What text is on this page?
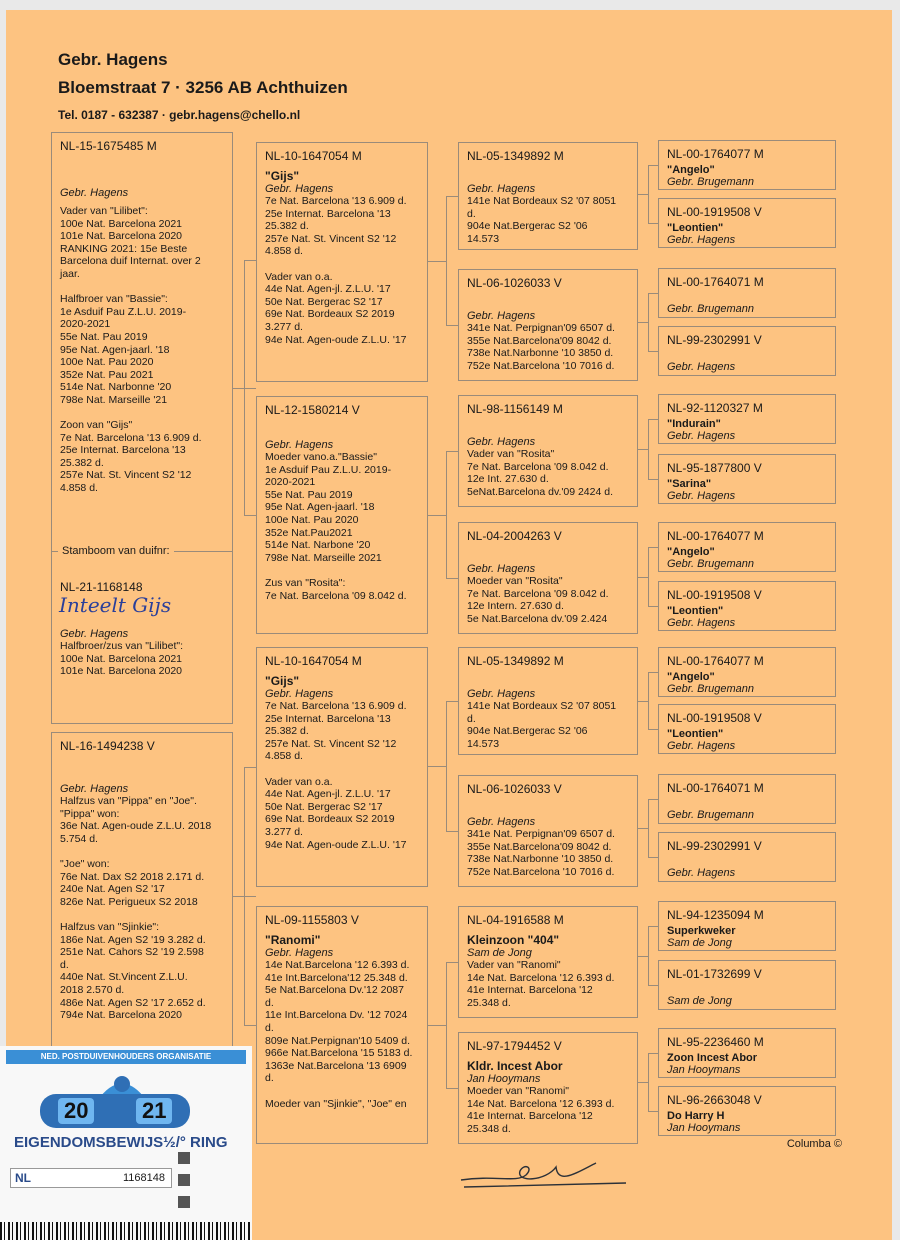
Gebr. Hagens
Bloemstraat 7 · 3256 AB Achthuizen
Tel. 0187 - 632387 · gebr.hagens@chello.nl
NL-15-1675485 M
Gebr. Hagens
Vader van "Lilibet":
100e Nat. Barcelona 2021
101e Nat. Barcelona 2020
RANKING 2021: 15e Beste
Barcelona duif Internat. over 2
jaar.
Halfbroer van "Bassie":
1e Asduif Pau Z.L.U. 2019-
2020-2021
55e Nat. Pau 2019
95e Nat. Agen-jaarl. '18
100e Nat. Pau 2020
352e Nat. Pau 2021
514e Nat. Narbonne '20
798e Nat. Marseille '21
Zoon van "Gijs"
7e Nat. Barcelona '13 6.909 d.
25e Internat. Barcelona '13
25.382 d.
257e Nat. St. Vincent S2 '12
4.858 d.
NL-21-1168148
Gebr. Hagens
Halfbroer/zus van "Lilibet":
100e Nat. Barcelona 2021
101e Nat. Barcelona 2020
Stamboom van duifnr:
Inteelt Gijs
NL-16-1494238 V
Gebr. Hagens
Halfzus van "Pippa" en "Joe".
"Pippa" won:
36e Nat. Agen-oude Z.L.U. 2018
5.754 d.
"Joe" won:
76e Nat. Dax S2 2018 2.171 d.
240e Nat. Agen S2 '17
826e Nat. Perigueux S2 2018
Halfzus van "Sjinkie":
186e Nat. Agen S2 '19 3.282 d.
251e Nat. Cahors S2 '19 2.598
d.
440e Nat. St.Vincent Z.L.U.
2018 2.570 d.
486e Nat. Agen S2 '17 2.652 d.
794e Nat. Barcelona 2020
NL-10-1647054 M
"Gijs"
Gebr. Hagens
7e Nat. Barcelona '13 6.909 d.
25e Internat. Barcelona '13
25.382 d.
257e Nat. St. Vincent S2 '12
4.858 d.
Vader van o.a.
44e Nat. Agen-jl. Z.L.U. '17
50e Nat. Bergerac S2 '17
69e Nat. Bordeaux S2 2019
3.277 d.
94e Nat. Agen-oude Z.L.U. '17
NL-12-1580214 V
Gebr. Hagens
Moeder vano.a."Bassie"
1e Asduif Pau Z.L.U. 2019-
2020-2021
55e Nat. Pau 2019
95e Nat. Agen-jaarl. '18
100e Nat. Pau 2020
352e Nat.Pau2021
514e Nat. Narbone '20
798e Nat. Marseille 2021
Zus van "Rosita":
7e Nat. Barcelona '09 8.042 d.
NL-10-1647054 M
"Gijs"
Gebr. Hagens
7e Nat. Barcelona '13 6.909 d.
25e Internat. Barcelona '13
25.382 d.
257e Nat. St. Vincent S2 '12
4.858 d.
Vader van o.a.
44e Nat. Agen-jl. Z.L.U. '17
50e Nat. Bergerac S2 '17
69e Nat. Bordeaux S2 2019
3.277 d.
94e Nat. Agen-oude Z.L.U. '17
NL-09-1155803 V
"Ranomi"
Gebr. Hagens
14e Nat.Barcelona '12 6.393 d.
41e Int.Barcelona'12 25.348 d.
5e Nat.Barcelona Dv.'12 2087
d.
11e Int.Barcelona Dv. '12 7024
d.
809e Nat.Perpignan'10 5409 d.
966e Nat.Barcelona '15 5183 d.
1363e Nat.Barcelona '13 6909
d.
Moeder van "Sjinkie", "Joe" en
NL-05-1349892 M
Gebr. Hagens
141e Nat Bordeaux S2 '07 8051
d.
904e Nat.Bergerac S2 '06
14.573
NL-06-1026033 V
Gebr. Hagens
341e Nat. Perpignan'09 6507 d.
355e Nat.Barcelona'09 8042 d.
738e Nat.Narbonne '10 3850 d.
752e Nat.Barcelona '10 7016 d.
NL-98-1156149 M
Gebr. Hagens
Vader van "Rosita"
7e Nat. Barcelona '09 8.042 d.
12e Int. 27.630 d.
5eNat.Barcelona dv.'09 2424 d.
NL-04-2004263 V
Gebr. Hagens
Moeder van "Rosita"
7e Nat. Barcelona '09 8.042 d.
12e Intern. 27.630 d.
5e Nat.Barcelona dv.'09 2.424
NL-05-1349892 M
Gebr. Hagens
141e Nat Bordeaux S2 '07 8051
d.
904e Nat.Bergerac S2 '06
14.573
NL-06-1026033 V
Gebr. Hagens
341e Nat. Perpignan'09 6507 d.
355e Nat.Barcelona'09 8042 d.
738e Nat.Narbonne '10 3850 d.
752e Nat.Barcelona '10 7016 d.
NL-04-1916588 M
Kleinzoon "404"
Sam de Jong
Vader van "Ranomi"
14e Nat. Barcelona '12 6.393 d.
41e Internat. Barcelona '12
25.348 d.
NL-97-1794452 V
Kldr. Incest Abor
Jan Hooymans
Moeder van "Ranomi"
14e Nat. Barcelona '12 6.393 d.
41e Internat. Barcelona '12
25.348 d.
NL-00-1764077 M
"Angelo"
Gebr. Brugemann
NL-00-1919508 V
"Leontien"
Gebr. Hagens
NL-00-1764071 M
Gebr. Brugemann
NL-99-2302991 V
Gebr. Hagens
NL-92-1120327 M
"Indurain"
Gebr. Hagens
NL-95-1877800 V
"Sarina"
Gebr. Hagens
NL-00-1764077 M
"Angelo"
Gebr. Brugemann
NL-00-1919508 V
"Leontien"
Gebr. Hagens
NL-00-1764077 M
"Angelo"
Gebr. Brugemann
NL-00-1919508 V
"Leontien"
Gebr. Hagens
NL-00-1764071 M
Gebr. Brugemann
NL-99-2302991 V
Gebr. Hagens
NL-94-1235094 M
Superkweker
Sam de Jong
NL-01-1732699 V
Sam de Jong
NL-95-2236460 M
Zoon Incest Abor
Jan Hooymans
NL-96-2663048 V
Do Harry H
Jan Hooymans
Columba ©
NED. POSTDUIVENHOUDERS ORGANISATIE
20 21
EIGENDOMSBEWIJS½/° RING
NL	1168148
